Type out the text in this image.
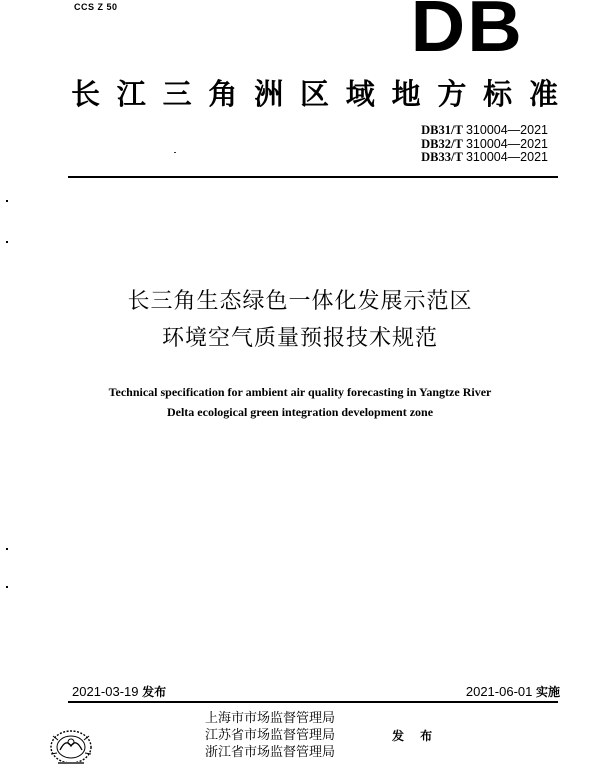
CCS Z 50	DB
长 江 三 角 洲 区 域 地 方 标 准
DB31/T 310004—2021
DB32/T 310004—2021
DB33/T 310004—2021
长三角生态绿色一体化发展示范区
环境空气质量预报技术规范
Technical specification for ambient air quality forecasting in Yangtze River
Delta ecological green integration development zone
2021-03-19 发布	2021-06-01 实施
上海市市场监督管理局
江苏省市场监督管理局
浙江省市场监督管理局
发 布
